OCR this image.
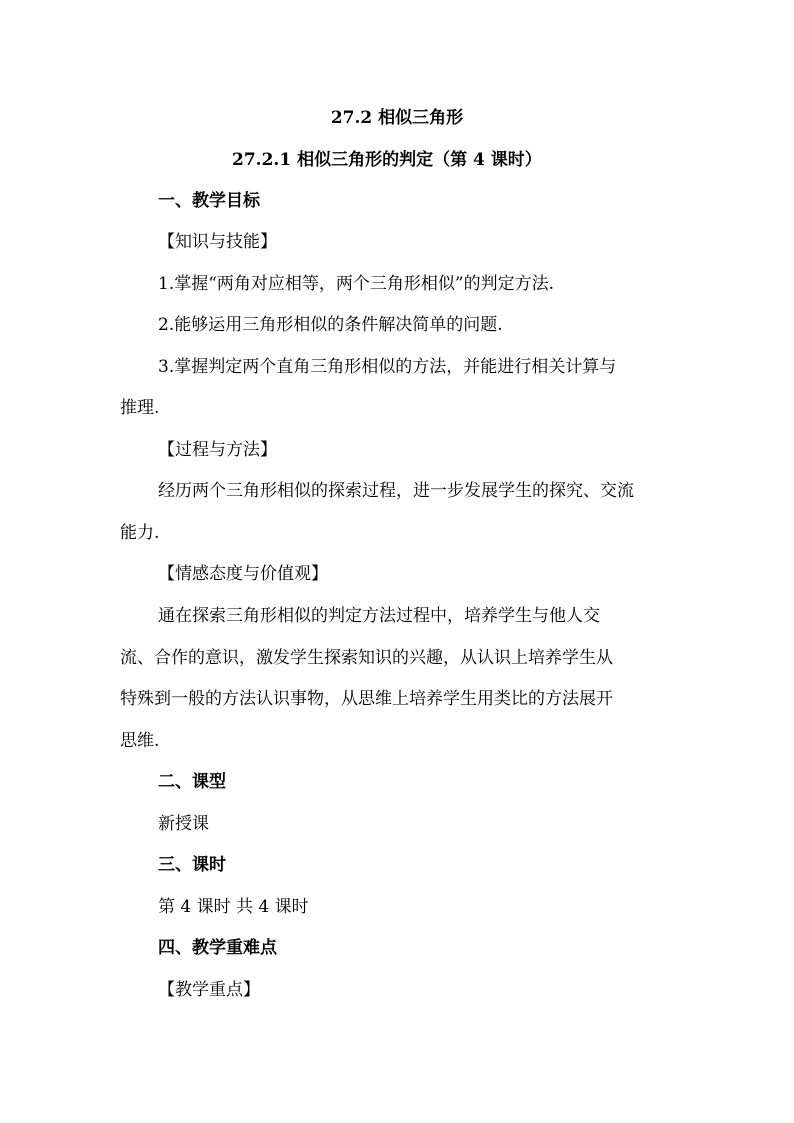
27.2 相似三角形
27.2.1 相似三角形的判定（第 4 课时）
一、教学目标
【知识与技能】
1.掌握“两角对应相等，两个三角形相似”的判定方法.
2.能够运用三角形相似的条件解决简单的问题.
3.掌握判定两个直角三角形相似的方法，并能进行相关计算与
推理.
【过程与方法】
经历两个三角形相似的探索过程，进一步发展学生的探究、交流
能力.
【情感态度与价值观】
通在探索三角形相似的判定方法过程中，培养学生与他人交
流、合作的意识，激发学生探索知识的兴趣，从认识上培养学生从
特殊到一般的方法认识事物，从思维上培养学生用类比的方法展开
思维.
二、课型
新授课
三、课时
第 4 课时 共 4 课时
四、教学重难点
【教学重点】
